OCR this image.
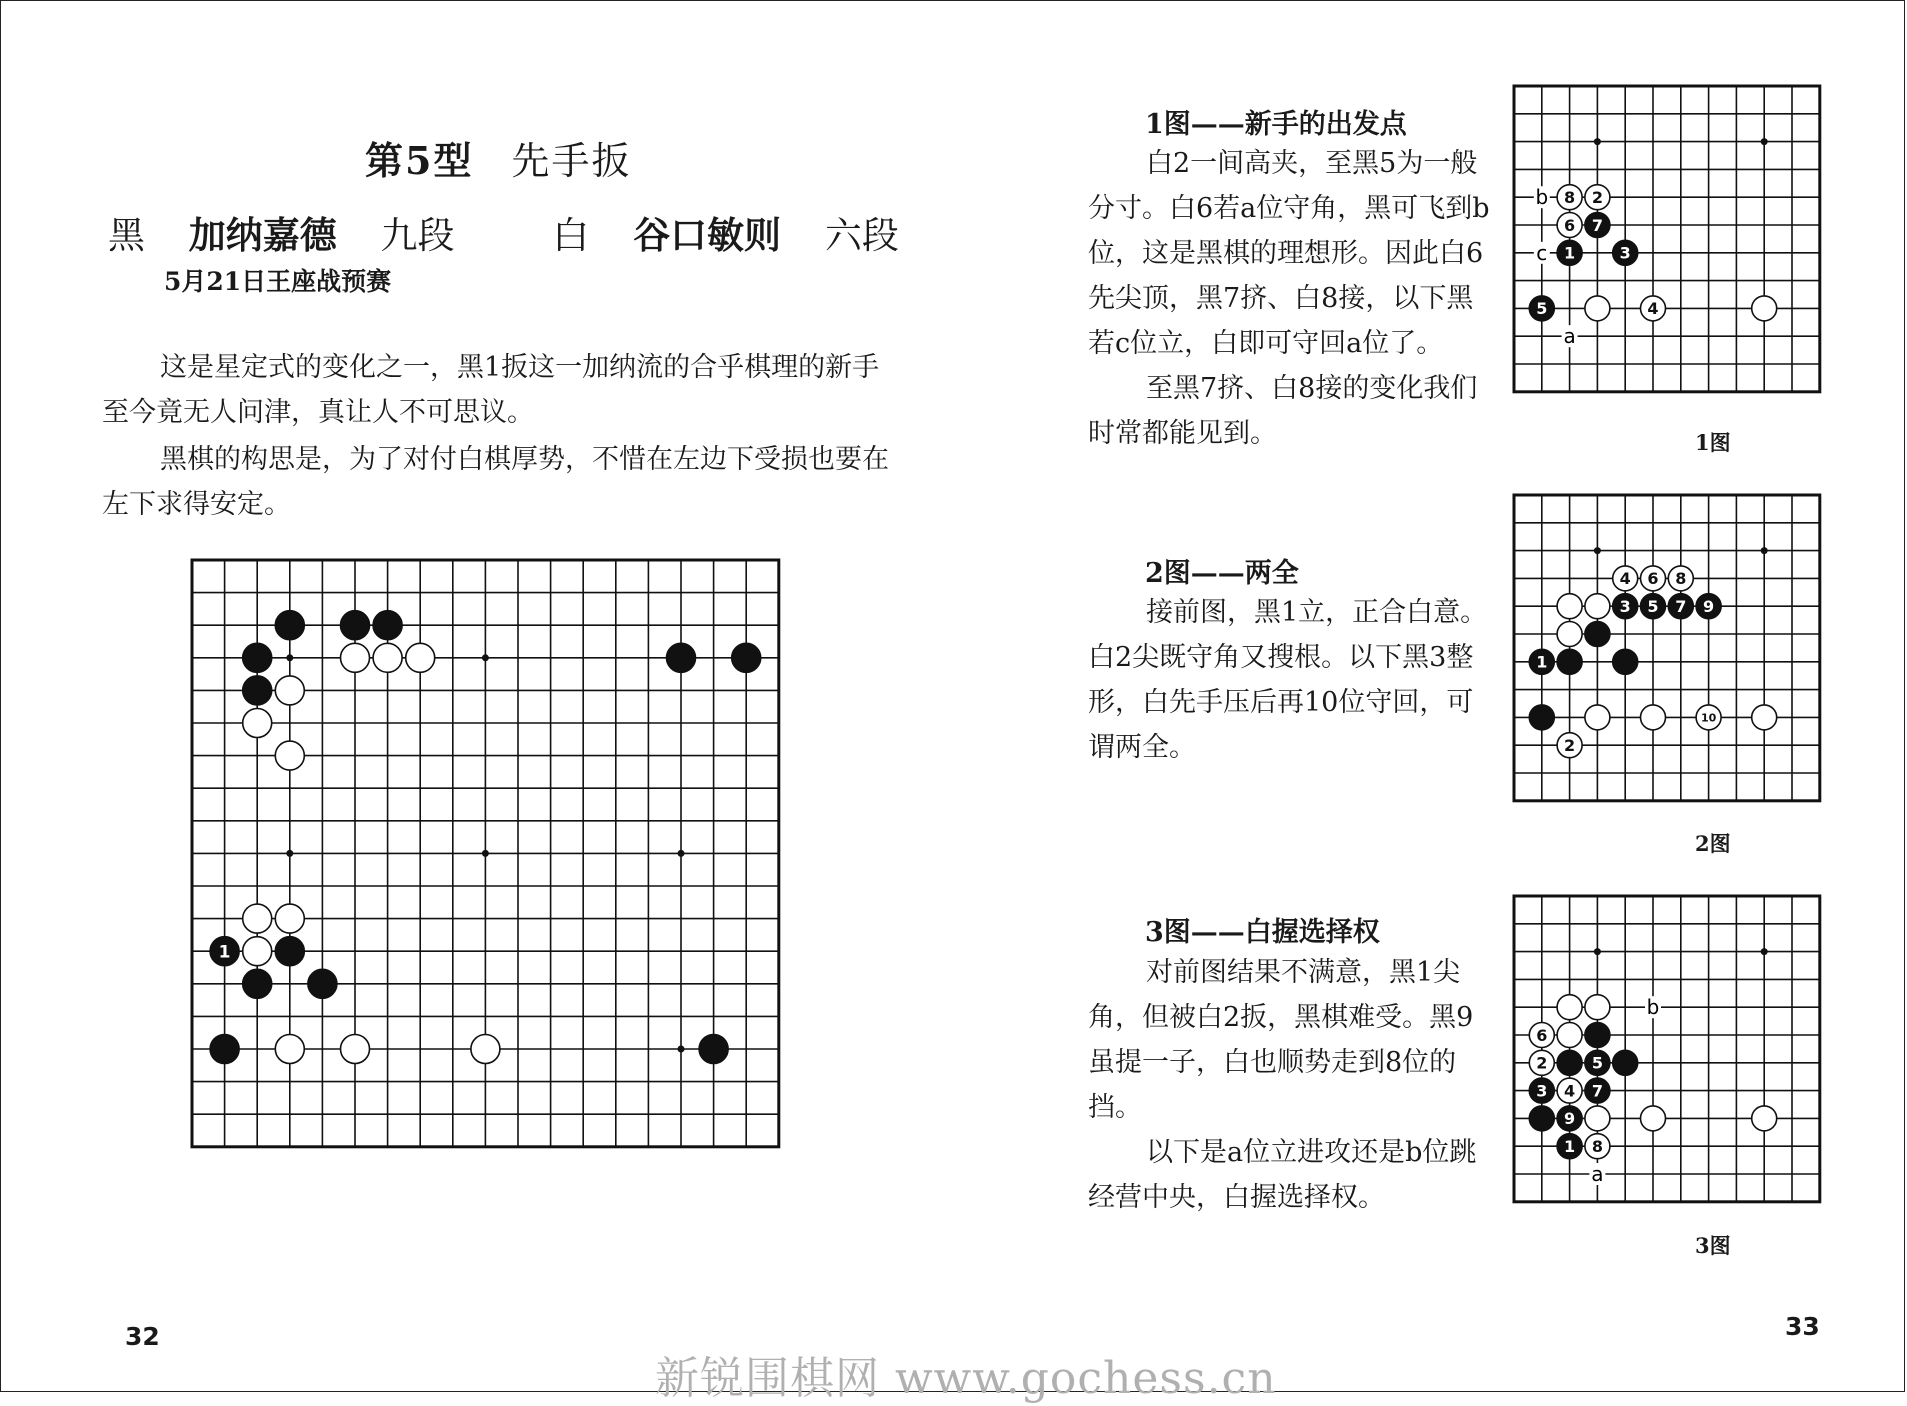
第5型 先手扳
黑 加纳嘉德 九段	白 谷口敏则 六段
5月21日王座战预赛

这是星定式的变化之一，黑1扳这一加纳流的合乎棋理的新手至今竟无人问津，真让人不可思议。

黑棋的构思是，为了对付白棋厚势，不惜在左边下受损也要在左下求得安定。

1
32
1图——新手的出发点

白2一间高夹，至黑5为一般分寸。白6若a位守角，黑可飞到b位，这是黑棋的理想形。因此白6先尖顶，黑7挤、白8接，以下黑若c位立，白即可守回a位了。

至黑7挤、白8接的变化我们时常都能见到。

b
c
a
8 2
6 7
1	3
5	4
1图
2图——两全

接前图，黑1立，正合白意。白2尖既守角又搜根。以下黑3整形，白先手压后再10位守回，可谓两全。

4 6 8
3 5 7 9
1
10
2
2图
3图——白握选择权

对前图结果不满意，黑1尖角，但被白2扳，黑棋难受。黑9虽提一子，白也顺势走到8位的挡。

以下是a位立进攻还是b位跳经营中央，白握选择权。

b
a
6
2	5
3 4 7
9
1 8
3图
33
新锐围棋网 www.gochess.cn
